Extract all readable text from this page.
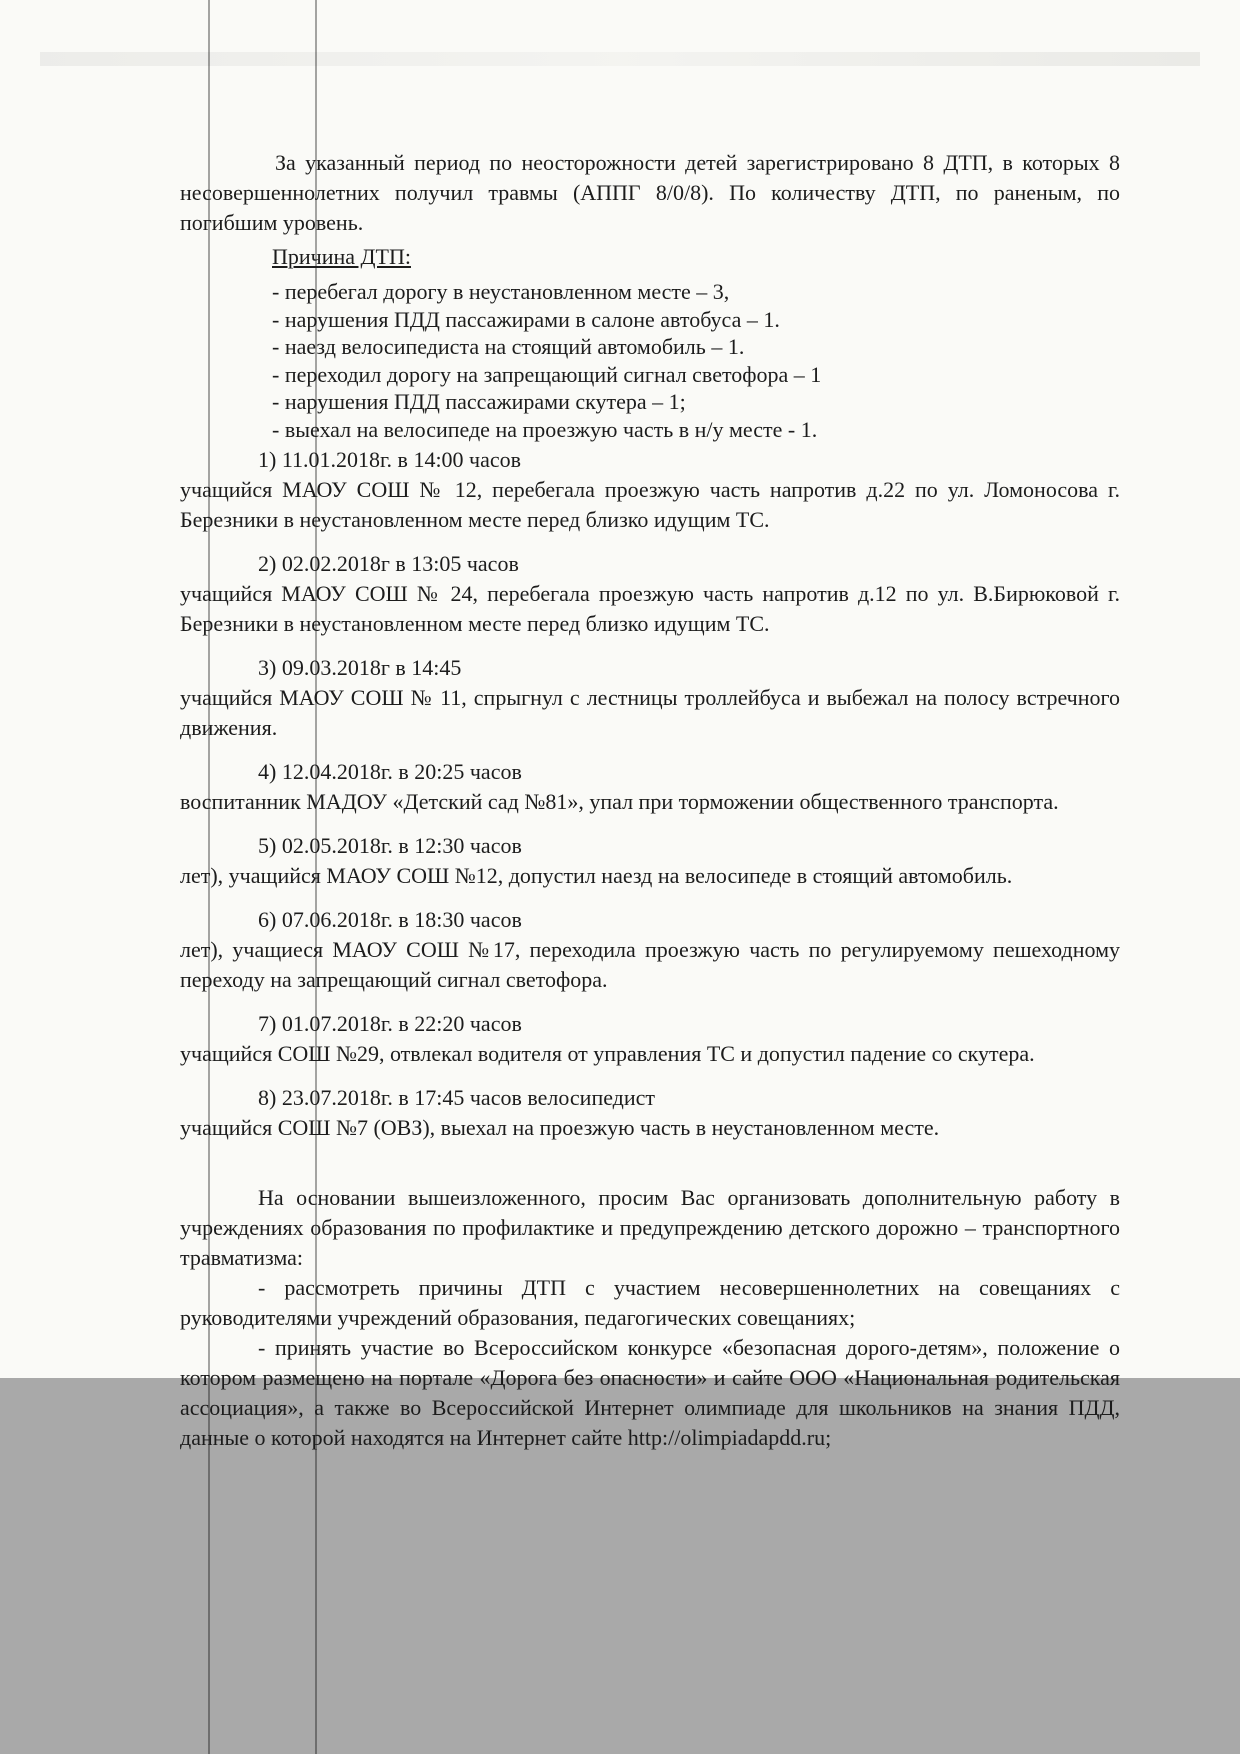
За указанный период по неосторожности детей зарегистрировано 8 ДТП, в которых 8 несовершеннолетних получил травмы (АППГ 8/0/8). По количеству ДТП, по раненым, по погибшим уровень.

Причина ДТП:

- перебегал дорогу в неустановленном месте – 3,
- нарушения ПДД пассажирами в салоне автобуса – 1.
- наезд велосипедиста на стоящий автомобиль – 1.
- переходил дорогу на запрещающий сигнал светофора – 1
- нарушения ПДД пассажирами скутера – 1;
- выехал на велосипеде на проезжую часть в н/у месте - 1.

1) 11.01.2018г. в 14:00 часов

учащийся МАОУ СОШ № 12, перебегала проезжую часть напротив д.22 по ул. Ломоносова г. Березники в неустановленном месте перед близко идущим ТС.

2) 02.02.2018г в 13:05 часов

учащийся МАОУ СОШ № 24, перебегала проезжую часть напротив д.12 по ул. В.Бирюковой г. Березники в неустановленном месте перед близко идущим ТС.

3) 09.03.2018г в 14:45

учащийся МАОУ СОШ № 11, спрыгнул с лестницы троллейбуса и выбежал на полосу встречного движения.

4) 12.04.2018г. в 20:25 часов

воспитанник МАДОУ «Детский сад №81», упал при торможении общественного транспорта.

5) 02.05.2018г. в 12:30 часов

лет), учащийся МАОУ СОШ №12, допустил наезд на велосипеде в стоящий автомобиль.

6) 07.06.2018г. в 18:30 часов

лет), учащиеся МАОУ СОШ №17, переходила проезжую часть по регулируемому пешеходному переходу на запрещающий сигнал светофора.

7) 01.07.2018г. в 22:20 часов

учащийся СОШ №29, отвлекал водителя от управления ТС и допустил падение со скутера.

8) 23.07.2018г. в 17:45 часов велосипедист

учащийся СОШ №7 (ОВЗ), выехал на проезжую часть в неустановленном месте.

На основании вышеизложенного, просим Вас организовать дополнительную работу в учреждениях образования по профилактике и предупреждению детского дорожно – транспортного травматизма:

- рассмотреть причины ДТП с участием несовершеннолетних на совещаниях с руководителями учреждений образования, педагогических совещаниях;

- принять участие во Всероссийском конкурсе «безопасная дорого-детям», положение о котором размещено на портале «Дорога без опасности» и сайте ООО «Национальная родительская ассоциация», а также во Всероссийской Интернет олимпиаде для школьников на знания ПДД, данные о которой находятся на Интернет сайте http://olimpiadapdd.ru;
